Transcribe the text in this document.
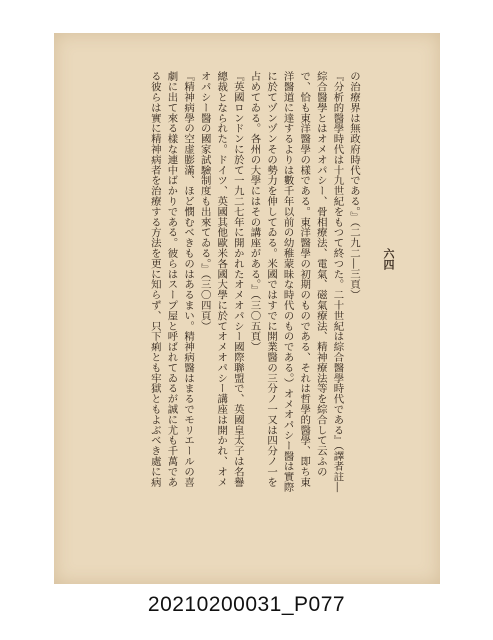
六四

の治療界は無政府時代である。』（二九二―三頁）

『分析的醫學時代は十九世紀をもつて終つた。二十世紀は綜合醫學時代である』（譯者註―

綜合醫學とはオメオパシー、骨相療法、電氣、磁氣療法、精神療法等を綜合して云ふの

で、恰も東洋醫學の樣である。東洋醫學の初期のものである、それは哲學的醫學、即ち東

洋醫道に達するよりは數千年以前の幼稚蒙昧な時代のものである。）オメオパシー醫は實際

に於てヅンヅンその勢力を伸してゐる。米國ではすでに開業醫の三分ノ一又は四分ノ一を

占めてゐる。各州の大學にはその講座がある。』（三〇五頁）

『英國ロンドンに於て一九二七年に開かれたオメオパシー國際聯盟で、英國皇太子は名譽

總裁となられた。ドイツ、英國其他歐米各國大學に於てオメオパシー講座は開かれ、オメ

オパシー醫の國家試驗制度も出來てゐる。』（三〇四頁）

『精神病學の空虚膨滿、ほど憫むべきものはあるまい。精神病醫はまるでモリエールの喜

劇に出て來る樣な連中ばかりである。彼らはスープ屋と呼ばれてゐるが誠に尤も千萬であ

る彼らは實に精神病者を治療する方法を更に知らず、只下痢とも牢獄ともよぶべき處に病

20210200031_P077
